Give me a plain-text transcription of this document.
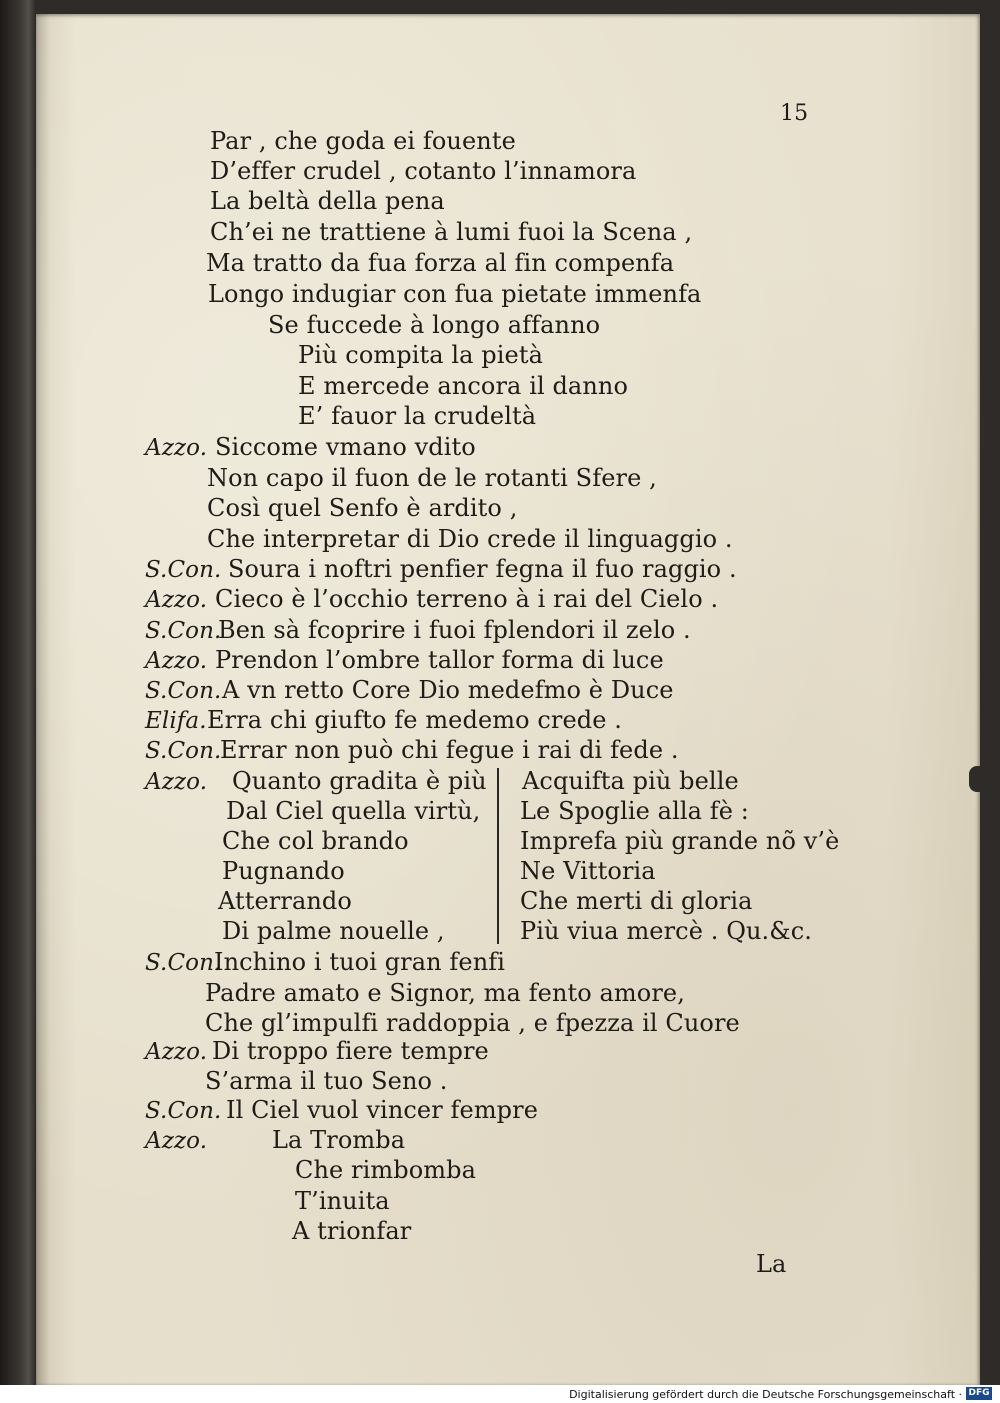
15
Par , che goda ei fouente
D’effer crudel , cotanto l’innamora
La beltà della pena
Ch’ei ne trattiene à lumi fuoi la Scena ,
Ma tratto da fua forza al fin compenfa
Longo indugiar con fua pietate immenfa
Se fuccede à longo affanno
Più compita la pietà
E mercede ancora il danno
E’ fauor la crudeltà
Azzo. Siccome vmano vdito
Non capo il fuon de le rotanti Sfere ,
Così quel Senfo è ardito ,
Che interpretar di Dio crede il linguaggio .
S.Con. Soura i noftri penfier fegna il fuo raggio .
Azzo. Cieco è l’occhio terreno à i rai del Cielo .
S.Con.
Ben sà fcoprire i fuoi fplendori il zelo .
Azzo. Prendon l’ombre tallor forma di luce
S.Con. A vn retto Core Dio medefmo è Duce
Elifa. Erra chi giufto fe medemo crede .
S.Con.
Errar non può chi fegue i rai di fede .
Azzo. Quanto gradita è più
Dal Ciel quella virtù,
Che col brando
Pugnando
Atterrando
Di palme nouelle ,
Acquifta più belle
Le Spoglie alla fè :
Imprefa più grande nõ v’è
Ne Vittoria
Che merti di gloria
Più viua mercè . Qu.&c.
S.Con.
Inchino i tuoi gran fenfi
Padre amato e Signor, ma fento amore,
Che gl’impulfi raddoppia , e fpezza il Cuore
Azzo. Di troppo fiere tempre
S’arma il tuo Seno .
S.Con. Il Ciel vuol vincer fempre
Azzo.	La Tromba
Che rimbomba
T’inuita
A trionfar
La
Digitalisierung gefördert durch die Deutsche Forschungsgemeinschaft · DFG
